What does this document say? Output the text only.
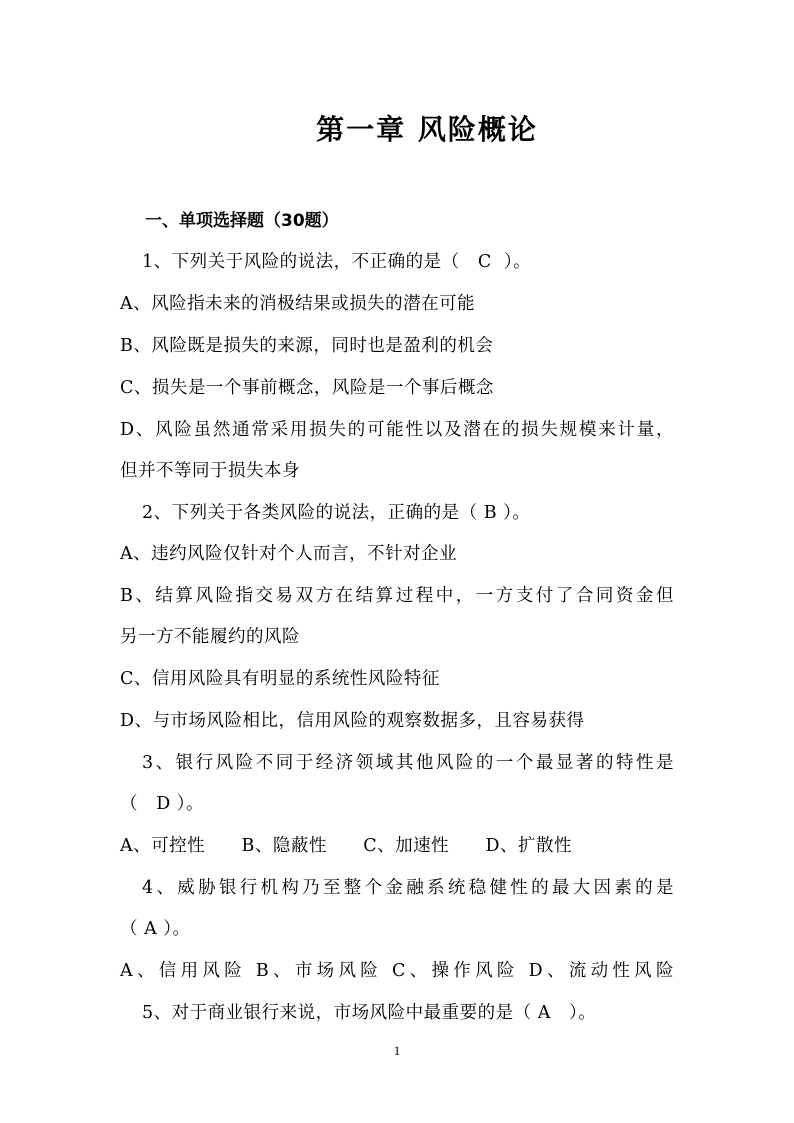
第一章 风险概论
一、单项选择题（30题）
1、下列关于风险的说法，不正确的是（   C  ）。
A、风险指未来的消极结果或损失的潜在可能
B、风险既是损失的来源，同时也是盈利的机会
C、损失是一个事前概念，风险是一个事后概念
D、风险虽然通常采用损失的可能性以及潜在的损失规模来计量，
但并不等同于损失本身
2、下列关于各类风险的说法，正确的是（ B ）。
A、违约风险仅针对个人而言，不针对企业
B、结算风险指交易双方在结算过程中，一方支付了合同资金但
另一方不能履约的风险
C、信用风险具有明显的系统性风险特征
D、与市场风险相比，信用风险的观察数据多，且容易获得
3、银行风险不同于经济领域其他风险的一个最显著的特性是
（   D ）。
A、可控性      B、隐蔽性      C、加速性      D、扩散性
4、威胁银行机构乃至整个金融系统稳健性的最大因素的是
（ A ）。
A、信用风险 B、市场风险 C、操作风险 D、流动性风险
5、对于商业银行来说，市场风险中最重要的是（ A   ）。
1
